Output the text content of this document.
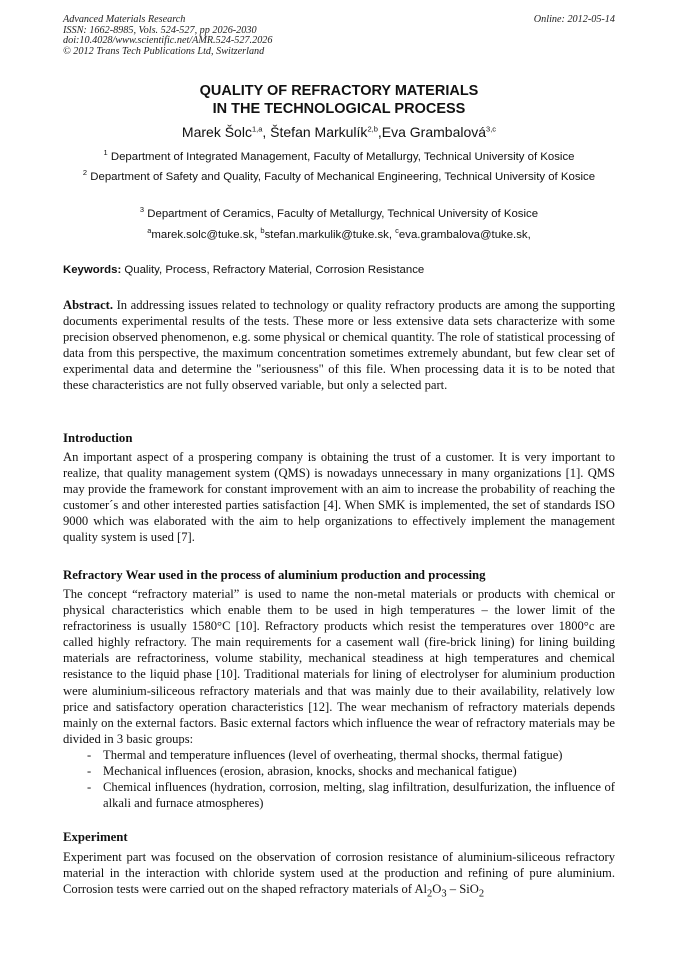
Advanced Materials Research
ISSN: 1662-8985, Vols. 524-527, pp 2026-2030
doi:10.4028/www.scientific.net/AMR.524-527.2026
© 2012 Trans Tech Publications Ltd, Switzerland
Online: 2012-05-14
QUALITY OF REFRACTORY MATERIALS
IN THE TECHNOLOGICAL PROCESS
Marek Šolc$^{1,a}$, Štefan Markulík$^{2,b}$,Eva Grambalová$^{3,c}$
$^1$ Department of Integrated Management, Faculty of Metallurgy, Technical University of Kosice
$^2$ Department of Safety and Quality, Faculty of Mechanical Engineering, Technical University of Kosice
$^3$ Department of Ceramics, Faculty of Metallurgy, Technical University of Kosice
$^a$marek.solc@tuke.sk, $^b$stefan.markulik@tuke.sk, $^c$eva.grambalova@tuke.sk,
Keywords: Quality, Process, Refractory Material, Corrosion Resistance
Abstract. In addressing issues related to technology or quality refractory products are among the supporting documents experimental results of the tests. These more or less extensive data sets characterize with some precision observed phenomenon, e.g. some physical or chemical quantity. The role of statistical processing of data from this perspective, the maximum concentration sometimes extremely abundant, but few clear set of experimental data and determine the "seriousness" of this file. When processing data it is to be noted that these characteristics are not fully observed variable, but only a selected part.
Introduction
An important aspect of a prospering company is obtaining the trust of a customer. It is very important to realize, that quality management system (QMS) is nowadays unnecessary in many organizations [1]. QMS may provide the framework for constant improvement with an aim to increase the probability of reaching the customer´s and other interested parties satisfaction [4]. When SMK is implemented, the set of standards ISO 9000 which was elaborated with the aim to help organizations to effectively implement the management quality system is used [7].
Refractory Wear used in the process of aluminium production and processing
The concept “refractory material” is used to name the non-metal materials or products with chemical or physical characteristics which enable them to be used in high temperatures – the lower limit of the refractoriness is usually 1580°C [10]. Refractory products which resist the temperatures over 1800°c are called highly refractory. The main requirements for a casement wall (fire-brick lining) for lining building materials are refractoriness, volume stability, mechanical steadiness at high temperatures and chemical resistance to the liquid phase [10]. Traditional materials for lining of electrolyser for aluminium production were aluminium-siliceous refractory materials and that was mainly due to their availability, relatively low price and satisfactory operation characteristics [12]. The wear mechanism of refractory materials depends mainly on the external factors. Basic external factors which influence the wear of refractory materials may be divided in 3 basic groups:
- Thermal and temperature influences (level of overheating, thermal shocks, thermal fatigue)
- Mechanical influences (erosion, abrasion, knocks, shocks and mechanical fatigue)
- Chemical influences (hydration, corrosion, melting, slag infiltration, desulfurization, the influence of alkali and furnace atmospheres)
Experiment
Experiment part was focused on the observation of corrosion resistance of aluminium-siliceous refractory material in the interaction with chloride system used at the production and refining of pure aluminium. Corrosion tests were carried out on the shaped refractory materials of $Al_2O_3 - SiO_2$
